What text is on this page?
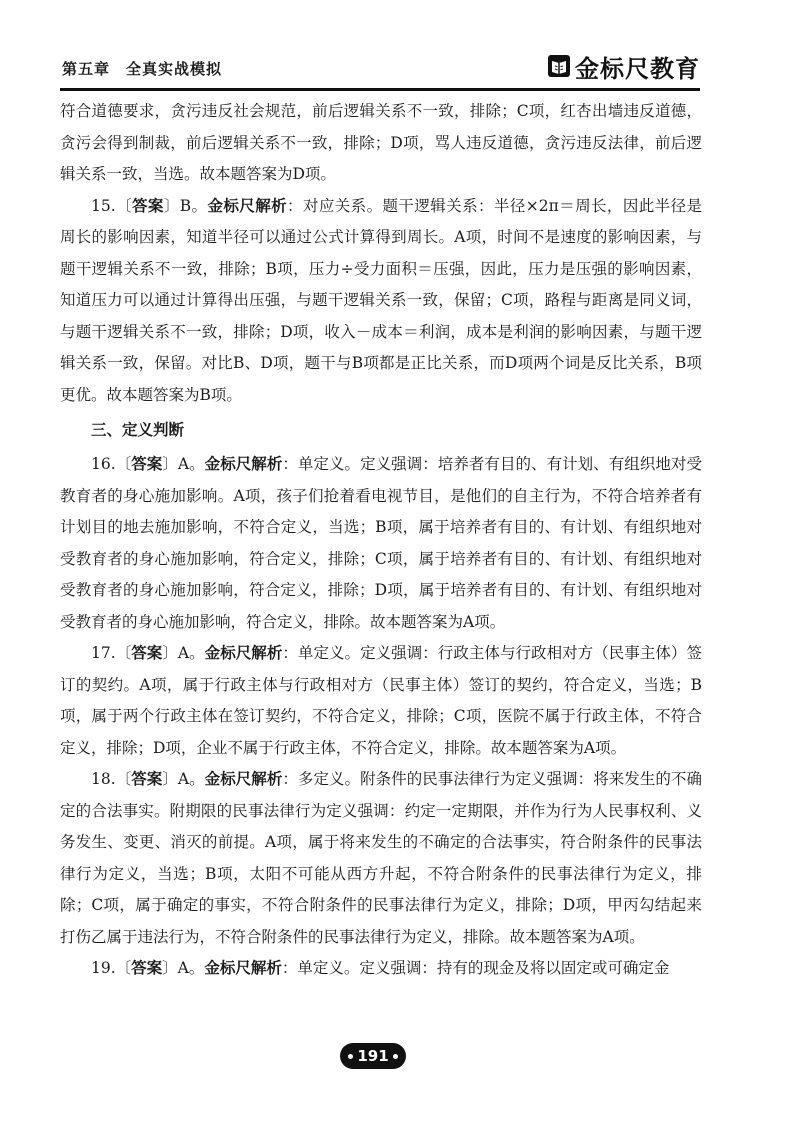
第五章　全真实战模拟	金标尺教育

符合道德要求，贪污违反社会规范，前后逻辑关系不一致，排除；C项，红杏出墙违反道德，贪污会得到制裁，前后逻辑关系不一致，排除；D项，骂人违反道德，贪污违反法律，前后逻辑关系一致，当选。故本题答案为D项。

15.〔答案〕B。金标尺解析：对应关系。题干逻辑关系：半径×2π＝周长，因此半径是周长的影响因素，知道半径可以通过公式计算得到周长。A项，时间不是速度的影响因素，与题干逻辑关系不一致，排除；B项，压力÷受力面积＝压强，因此，压力是压强的影响因素，知道压力可以通过计算得出压强，与题干逻辑关系一致，保留；C项，路程与距离是同义词，与题干逻辑关系不一致，排除；D项，收入－成本＝利润，成本是利润的影响因素，与题干逻辑关系一致，保留。对比B、D项，题干与B项都是正比关系，而D项两个词是反比关系，B项更优。故本题答案为B项。

三、定义判断

16.〔答案〕A。金标尺解析：单定义。定义强调：培养者有目的、有计划、有组织地对受教育者的身心施加影响。A项，孩子们抢着看电视节目，是他们的自主行为，不符合培养者有计划目的地去施加影响，不符合定义，当选；B项，属于培养者有目的、有计划、有组织地对受教育者的身心施加影响，符合定义，排除；C项，属于培养者有目的、有计划、有组织地对受教育者的身心施加影响，符合定义，排除；D项，属于培养者有目的、有计划、有组织地对受教育者的身心施加影响，符合定义，排除。故本题答案为A项。

17.〔答案〕A。金标尺解析：单定义。定义强调：行政主体与行政相对方（民事主体）签订的契约。A项，属于行政主体与行政相对方（民事主体）签订的契约，符合定义，当选；B项，属于两个行政主体在签订契约，不符合定义，排除；C项，医院不属于行政主体，不符合定义，排除；D项，企业不属于行政主体，不符合定义，排除。故本题答案为A项。

18.〔答案〕A。金标尺解析：多定义。附条件的民事法律行为定义强调：将来发生的不确定的合法事实。附期限的民事法律行为定义强调：约定一定期限，并作为行为人民事权利、义务发生、变更、消灭的前提。A项，属于将来发生的不确定的合法事实，符合附条件的民事法律行为定义，当选；B项，太阳不可能从西方升起，不符合附条件的民事法律行为定义，排除；C项，属于确定的事实，不符合附条件的民事法律行为定义，排除；D项，甲丙勾结起来打伤乙属于违法行为，不符合附条件的民事法律行为定义，排除。故本题答案为A项。

19.〔答案〕A。金标尺解析：单定义。定义强调：持有的现金及将以固定或可确定金

191
